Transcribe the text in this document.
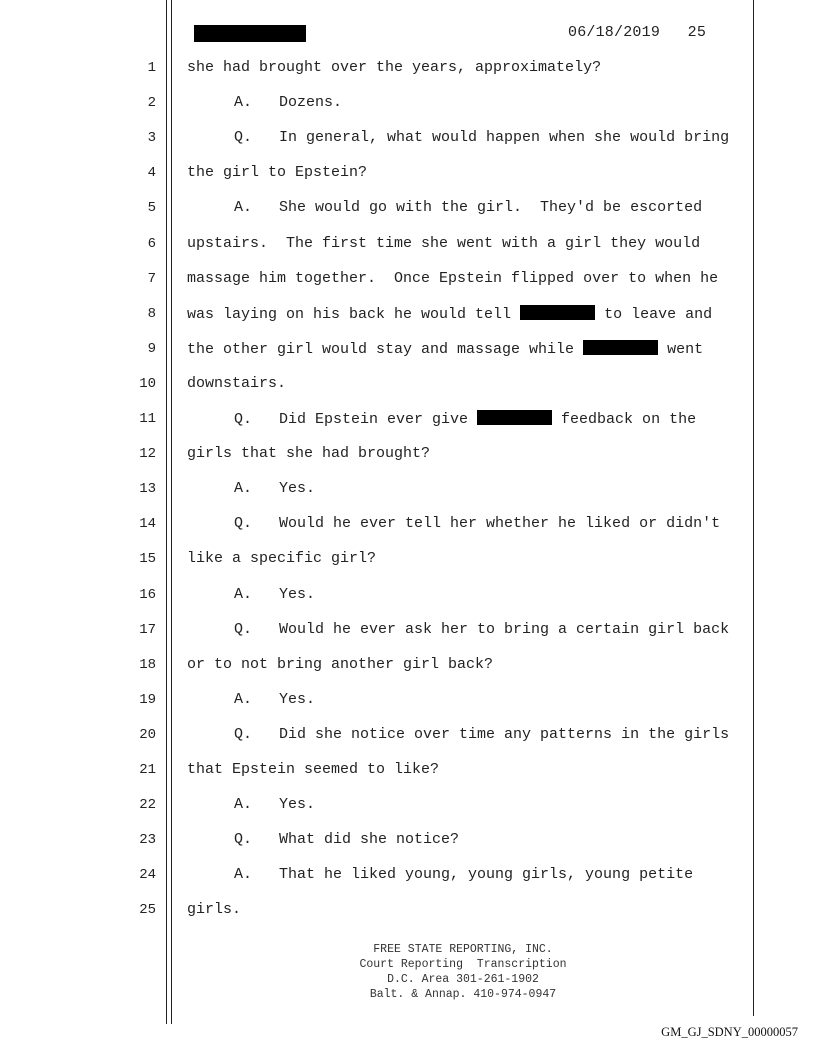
06/18/2019 25
1 she had brought over the years, approximately?
2	A.   Dozens.
3	Q.   In general, what would happen when she would bring
4 the girl to Epstein?
5	A.   She would go with the girl.  They'd be escorted
6 upstairs.  The first time she went with a girl they would
7 massage him together.  Once Epstein flipped over to when he
8 was laying on his back he would tell	to leave and
9 the other girl would stay and massage while	went
10 downstairs.
11	Q.   Did Epstein ever give	feedback on the
12 girls that she had brought?
13	A.   Yes.
14	Q.   Would he ever tell her whether he liked or didn't
15 like a specific girl?
16	A.   Yes.
17	Q.   Would he ever ask her to bring a certain girl back
18 or to not bring another girl back?
19	A.   Yes.
20	Q.   Did she notice over time any patterns in the girls
21 that Epstein seemed to like?
22	A.   Yes.
23	Q.   What did she notice?
24	A.   That he liked young, young girls, young petite
25 girls.
FREE STATE REPORTING, INC.
Court Reporting  Transcription
D.C. Area 301-261-1902
Balt. & Annap. 410-974-0947
GM_GJ_SDNY_00000057
